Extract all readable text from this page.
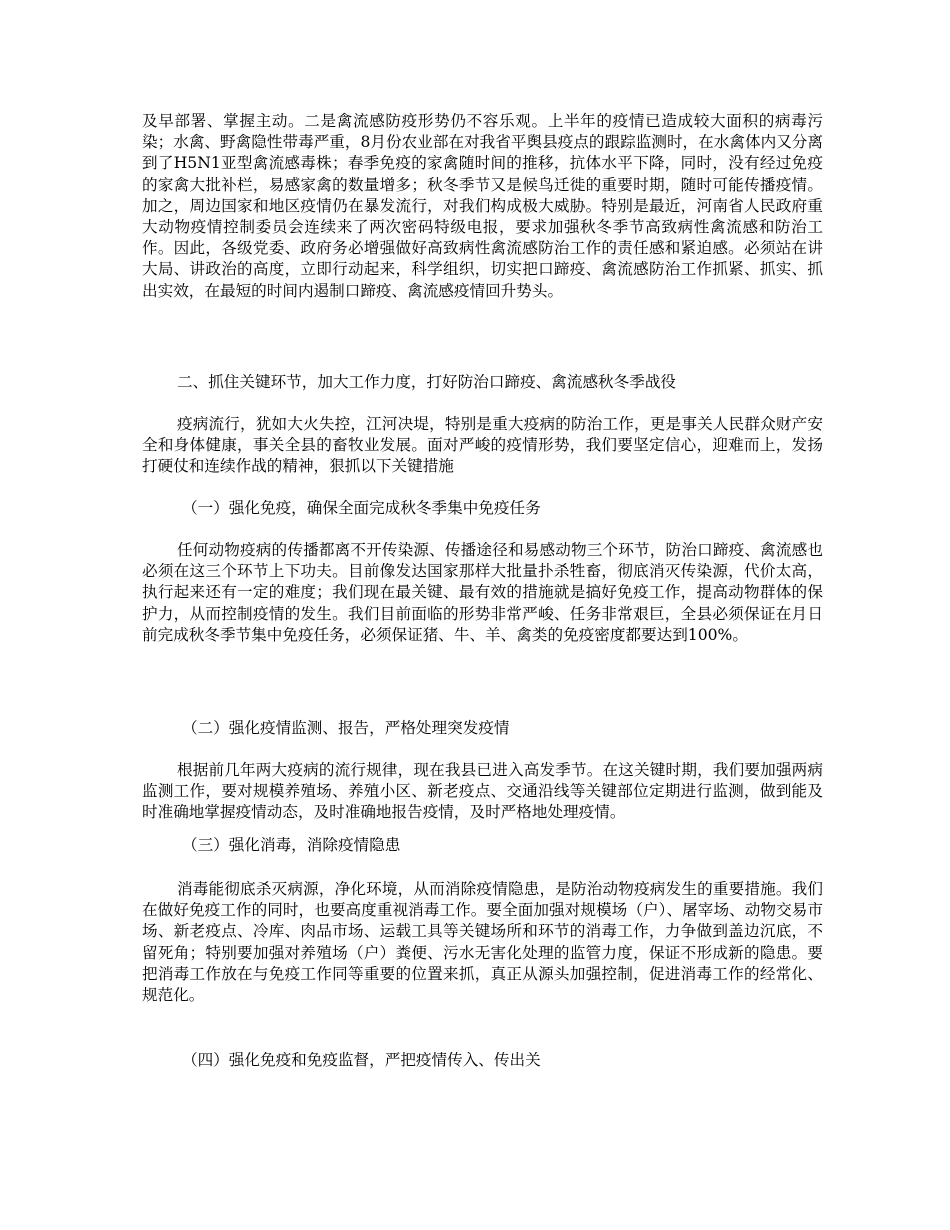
及早部署、掌握主动。二是禽流感防疫形势仍不容乐观。上半年的疫情已造成较大面积的病毒污染；水禽、野禽隐性带毒严重，8月份农业部在对我省平舆县疫点的跟踪监测时，在水禽体内又分离到了H5N1亚型禽流感毒株；春季免疫的家禽随时间的推移，抗体水平下降，同时，没有经过免疫的家禽大批补栏，易感家禽的数量增多；秋冬季节又是候鸟迁徙的重要时期，随时可能传播疫情。加之，周边国家和地区疫情仍在暴发流行，对我们构成极大威胁。特别是最近，河南省人民政府重大动物疫情控制委员会连续来了两次密码特级电报，要求加强秋冬季节高致病性禽流感和防治工作。因此，各级党委、政府务必增强做好高致病性禽流感防治工作的责任感和紧迫感。必须站在讲大局、讲政治的高度，立即行动起来，科学组织，切实把口蹄疫、禽流感防治工作抓紧、抓实、抓出实效，在最短的时间内遏制口蹄疫、禽流感疫情回升势头。

二、抓住关键环节，加大工作力度，打好防治口蹄疫、禽流感秋冬季战役

疫病流行，犹如大火失控，江河决堤，特别是重大疫病的防治工作，更是事关人民群众财产安全和身体健康，事关全县的畜牧业发展。面对严峻的疫情形势，我们要坚定信心，迎难而上，发扬打硬仗和连续作战的精神，狠抓以下关键措施

（一）强化免疫，确保全面完成秋冬季集中免疫任务

任何动物疫病的传播都离不开传染源、传播途径和易感动物三个环节，防治口蹄疫、禽流感也必须在这三个环节上下功夫。目前像发达国家那样大批量扑杀牲畜，彻底消灭传染源，代价太高，执行起来还有一定的难度；我们现在最关键、最有效的措施就是搞好免疫工作，提高动物群体的保护力，从而控制疫情的发生。我们目前面临的形势非常严峻、任务非常艰巨，全县必须保证在月日前完成秋冬季节集中免疫任务，必须保证猪、牛、羊、禽类的免疫密度都要达到100%。

（二）强化疫情监测、报告，严格处理突发疫情

根据前几年两大疫病的流行规律，现在我县已进入高发季节。在这关键时期，我们要加强两病监测工作，要对规模养殖场、养殖小区、新老疫点、交通沿线等关键部位定期进行监测，做到能及时准确地掌握疫情动态，及时准确地报告疫情，及时严格地处理疫情。

（三）强化消毒，消除疫情隐患

消毒能彻底杀灭病源，净化环境，从而消除疫情隐患，是防治动物疫病发生的重要措施。我们在做好免疫工作的同时，也要高度重视消毒工作。要全面加强对规模场（户）、屠宰场、动物交易市场、新老疫点、冷库、肉品市场、运载工具等关键场所和环节的消毒工作，力争做到盖边沉底，不留死角；特别要加强对养殖场（户）粪便、污水无害化处理的监管力度，保证不形成新的隐患。要把消毒工作放在与免疫工作同等重要的位置来抓，真正从源头加强控制，促进消毒工作的经常化、规范化。

（四）强化免疫和免疫监督，严把疫情传入、传出关
